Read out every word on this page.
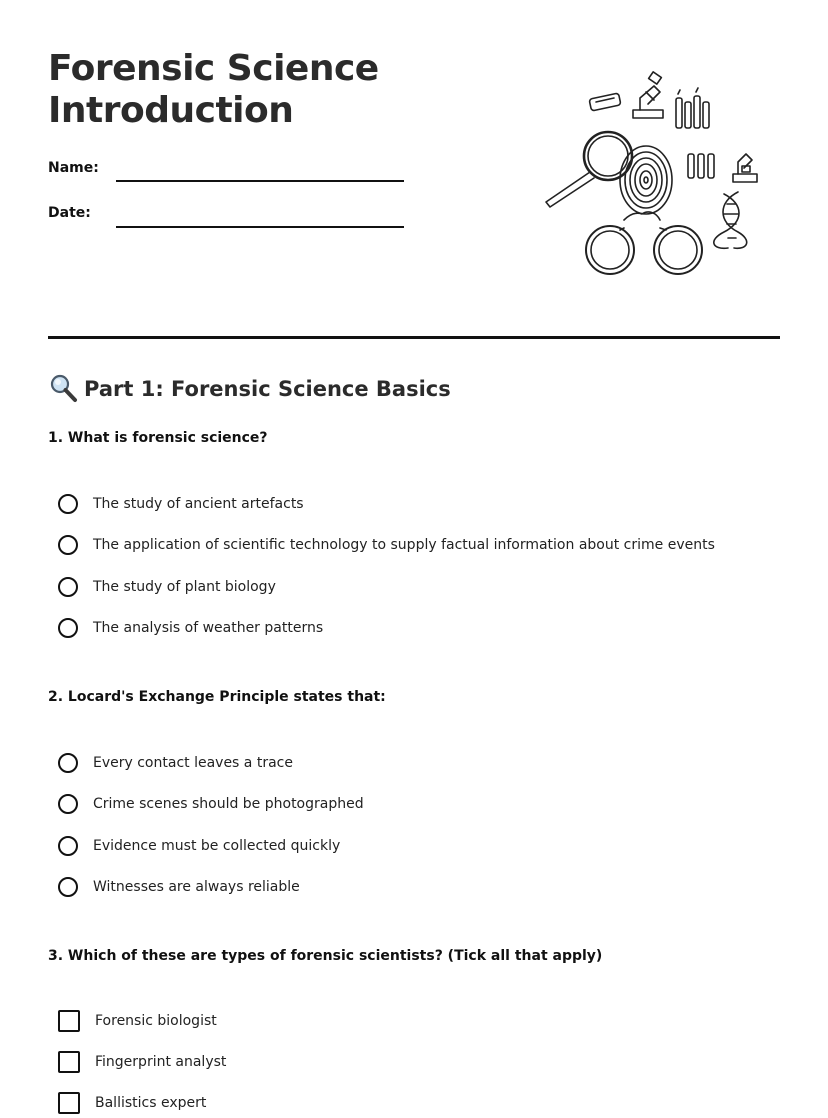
Forensic Science
Introduction
Name:
Date:
Part 1: Forensic Science Basics
1. What is forensic science?
The study of ancient artefacts
The application of scientific technology to supply factual information about crime events
The study of plant biology
The analysis of weather patterns
2. Locard's Exchange Principle states that:
Every contact leaves a trace
Crime scenes should be photographed
Evidence must be collected quickly
Witnesses are always reliable
3. Which of these are types of forensic scientists? (Tick all that apply)
Forensic biologist
Fingerprint analyst
Ballistics expert
